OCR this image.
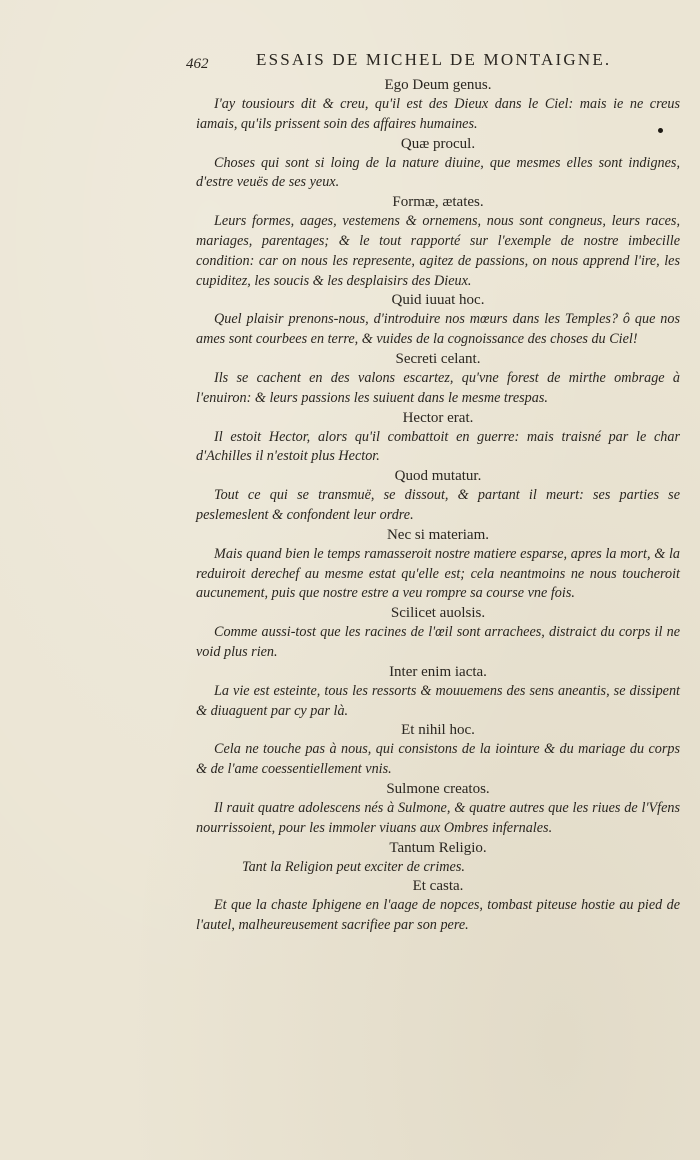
462	ESSAIS DE MICHEL DE MONTAIGNE.
Ego Deum genus.

I'ay tousiours dit & creu, qu'il est des Dieux dans le Ciel: mais ie ne creus iamais, qu'ils prissent soin des affaires humaines.

Quæ procul.

Choses qui sont si loing de la nature diuine, que mesmes elles sont indignes, d'estre veuës de ses yeux.

Formæ, ætates.

Leurs formes, aages, vestemens & ornemens, nous sont congneus, leurs races, mariages, parentages; & le tout rapporté sur l'exemple de nostre imbecille condition: car on nous les represente, agitez de passions, on nous apprend l'ire, les cupiditez, les soucis & les desplaisirs des Dieux.

Quid iuuat hoc.

Quel plaisir prenons-nous, d'introduire nos mœurs dans les Temples? ô que nos ames sont courbees en terre, & vuides de la cognoissance des choses du Ciel!

Secreti celant.

Ils se cachent en des valons escartez, qu'vne forest de mirthe ombrage à l'enuiron: & leurs passions les suiuent dans le mesme trespas.

Hector erat.

Il estoit Hector, alors qu'il combattoit en guerre: mais traisné par le char d'Achilles il n'estoit plus Hector.

Quod mutatur.

Tout ce qui se transmuë, se dissout, & partant il meurt: ses parties se peslemeslent & confondent leur ordre.

Nec si materiam.

Mais quand bien le temps ramasseroit nostre matiere esparse, apres la mort, & la reduiroit derechef au mesme estat qu'elle est; cela neantmoins ne nous toucheroit aucunement, puis que nostre estre a veu rompre sa course vne fois.

Scilicet auolsis.

Comme aussi-tost que les racines de l'œil sont arrachees, distraict du corps il ne void plus rien.

Inter enim iacta.

La vie est esteinte, tous les ressorts & mouuemens des sens aneantis, se dissipent & diuaguent par cy par là.

Et nihil hoc.

Cela ne touche pas à nous, qui consistons de la iointure & du mariage du corps & de l'ame coessentiellement vnis.

Sulmone creatos.

Il rauit quatre adolescens nés à Sulmone, & quatre autres que les riues de l'Vfens nourrissoient, pour les immoler viuans aux Ombres infernales.

Tantum Religio.

Tant la Religion peut exciter de crimes.

Et casta.

Et que la chaste Iphigene en l'aage de nopces, tombast piteuse hostie au pied de l'autel, malheureusement sacrifiee par son pere.
